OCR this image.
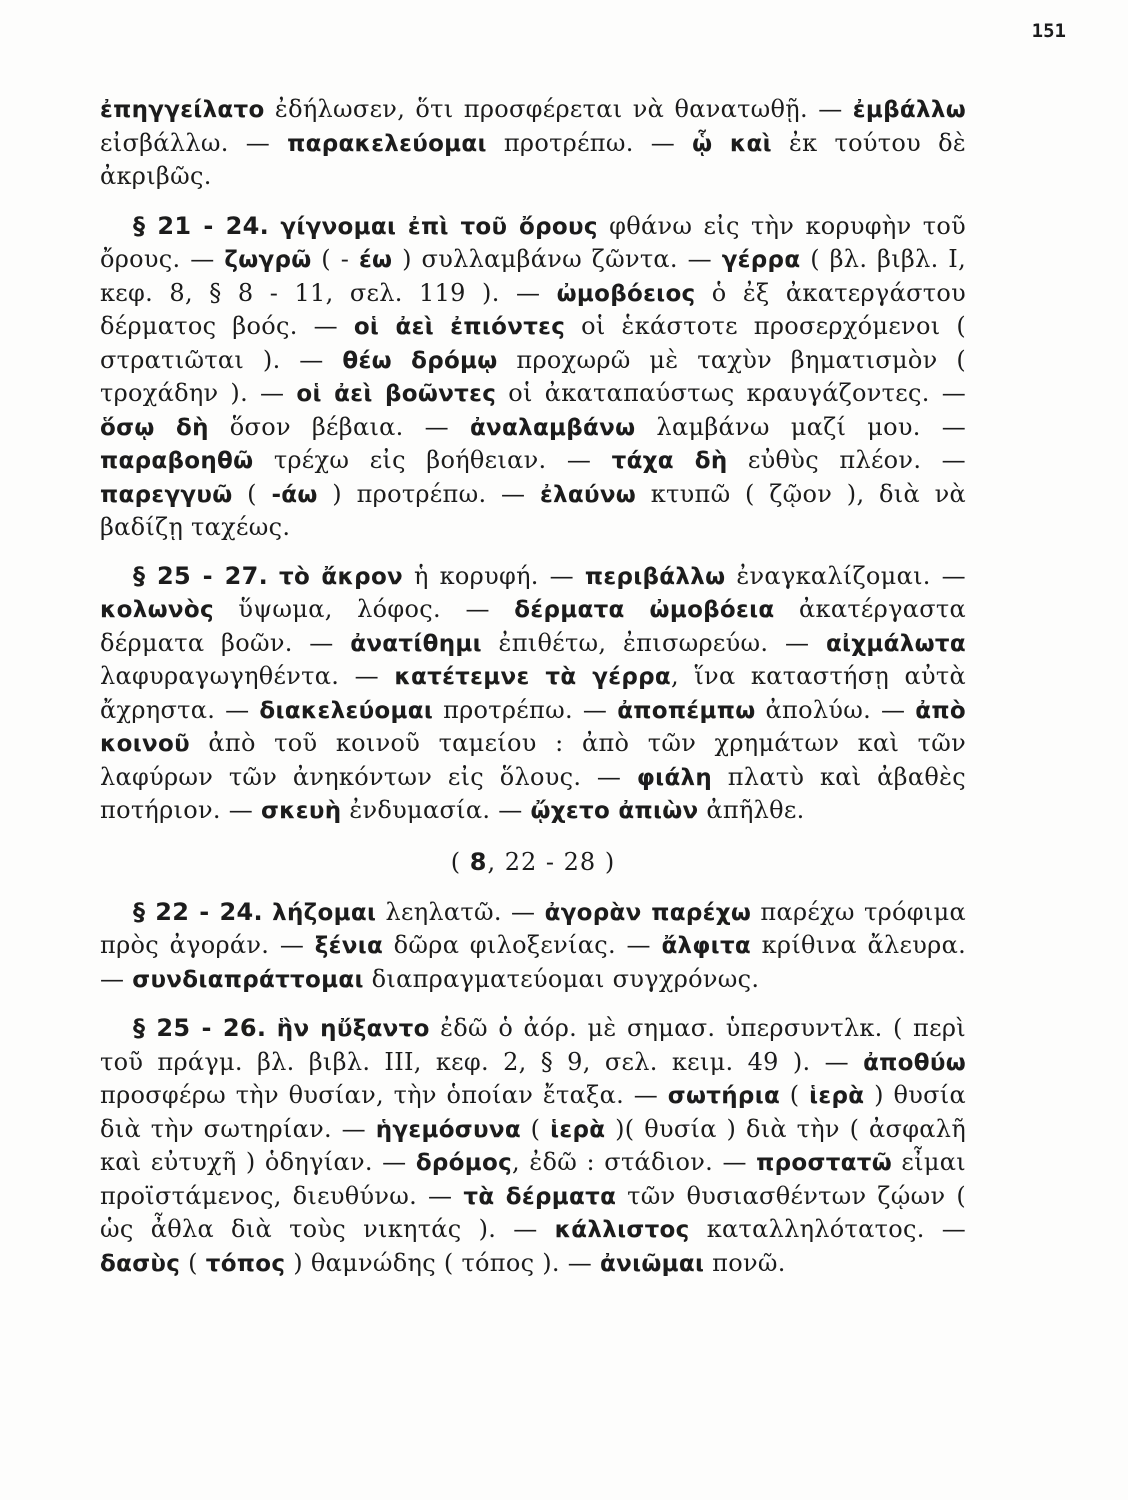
151

ἐπηγγείλατο ἐδήλωσεν, ὅτι προσφέρεται νὰ θανατωθῇ. — ἐμβάλλω εἰσβάλλω. — παρακελεύομαι προτρέπω. — ᾧ καὶ ἐκ τούτου δὲ ἀκριβῶς.

§ 21 - 24. γίγνομαι ἐπὶ τοῦ ὄρους φθάνω εἰς τὴν κορυφὴν τοῦ ὄρους. — ζωγρῶ ( - έω ) συλλαμβάνω ζῶντα. — γέρρα ( βλ. βιβλ. I, κεφ. 8, § 8 - 11, σελ. 119 ). — ὠμοβόειος ὁ ἐξ ἀκατεργάστου δέρματος βοός. — οἱ ἀεὶ ἐπιόντες οἱ ἑκάστοτε προσερχόμενοι ( στρατιῶται ). — θέω δρόμῳ προχωρῶ μὲ ταχὺν βηματισμὸν ( τροχάδην ). — οἱ ἀεὶ βοῶντες οἱ ἀκαταπαύστως κραυγάζοντες. — ὅσῳ δὴ ὅσον βέβαια. — ἀναλαμβάνω λαμβάνω μαζί μου. — παραβοηθῶ τρέχω εἰς βοήθειαν. — τάχα δὴ εὐθὺς πλέον. — παρεγγυῶ ( -άω ) προτρέπω. — ἐλαύνω κτυπῶ ( ζῷον ), διὰ νὰ βαδίζῃ ταχέως.

§ 25 - 27. τὸ ἄκρον ἡ κορυφή. — περιβάλλω ἐναγκαλίζομαι. — κολωνὸς ὕψωμα, λόφος. — δέρματα ὠμοβόεια ἀκατέργαστα δέρματα βοῶν. — ἀνατίθημι ἐπιθέτω, ἐπισωρεύω. — αἰχμάλωτα λαφυραγωγηθέντα. — κατέτεμνε τὰ γέρρα, ἵνα καταστήσῃ αὐτὰ ἄχρηστα. — διακελεύομαι προτρέπω. — ἀποπέμπω ἀπολύω. — ἀπὸ κοινοῦ ἀπὸ τοῦ κοινοῦ ταμείου : ἀπὸ τῶν χρημάτων καὶ τῶν λαφύρων τῶν ἀνηκόντων εἰς ὅλους. — φιάλη πλατὺ καὶ ἀβαθὲς ποτήριον. — σκευὴ ἐνδυμασία. — ᾤχετο ἀπιὼν ἀπῆλθε.

( 8, 22 - 28 )

§ 22 - 24. λήζομαι λεηλατῶ. — ἀγορὰν παρέχω παρέχω τρόφιμα πρὸς ἀγοράν. — ξένια δῶρα φιλοξενίας. — ἄλφιτα κρίθινα ἄλευρα. — συνδιαπράττομαι διαπραγματεύομαι συγχρόνως.

§ 25 - 26. ἣν ηὔξαντο ἐδῶ ὁ ἀόρ. μὲ σημασ. ὑπερσυντλκ. ( περὶ τοῦ πράγμ. βλ. βιβλ. III, κεφ. 2, § 9, σελ. κειμ. 49 ). — ἀποθύω προσφέρω τὴν θυσίαν, τὴν ὁποίαν ἔταξα. — σωτήρια ( ἱερὰ ) θυσία διὰ τὴν σωτηρίαν. — ἡγεμόσυνα ( ἱερὰ )( θυσία ) διὰ τὴν ( ἀσφαλῆ καὶ εὐτυχῆ ) ὁδηγίαν. — δρόμος, ἐδῶ : στάδιον. — προστατῶ εἶμαι προϊστάμενος, διευθύνω. — τὰ δέρματα τῶν θυσιασθέντων ζῴων ( ὡς ἆθλα διὰ τοὺς νικητάς ). — κάλλιστος καταλληλότατος. — δασὺς ( τόπος ) θαμνώδης ( τόπος ). — ἀνιῶμαι πονῶ.
